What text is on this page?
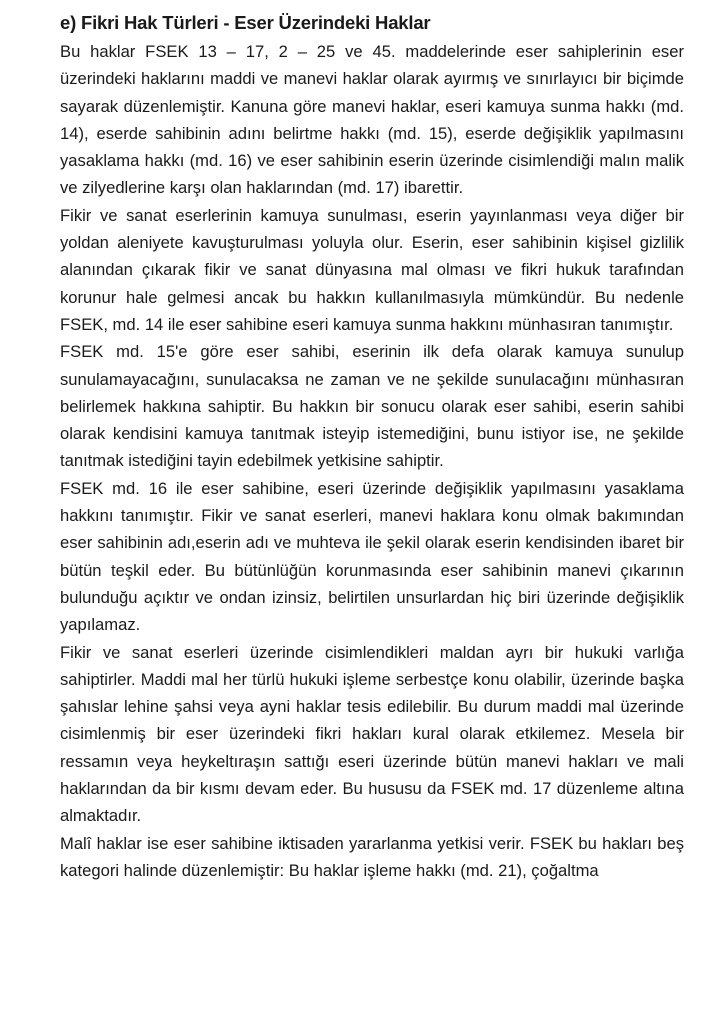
e) Fikri Hak Türleri - Eser Üzerindeki Haklar

Bu haklar FSEK 13 – 17, 2 – 25 ve 45. maddelerinde eser sahiplerinin eser üzerindeki haklarını maddi ve manevi haklar olarak ayırmış ve sınırlayıcı bir biçimde sayarak düzenlemiştir. Kanuna göre manevi haklar, eseri kamuya sunma hakkı (md. 14), eserde sahibinin adını belirtme hakkı (md. 15), eserde değişiklik yapılmasını yasaklama hakkı (md. 16) ve eser sahibinin eserin üzerinde cisimlendiği malın malik ve zilyedlerine karşı olan haklarından (md. 17) ibarettir.

Fikir ve sanat eserlerinin kamuya sunulması, eserin yayınlanması veya diğer bir yoldan aleniyete kavuşturulması yoluyla olur. Eserin, eser sahibinin kişisel gizlilik alanından çıkarak fikir ve sanat dünyasına mal olması ve fikri hukuk tarafından korunur hale gelmesi ancak bu hakkın kullanılmasıyla mümkündür. Bu nedenle FSEK, md. 14 ile eser sahibine eseri kamuya sunma hakkını münhasıran tanımıştır.

FSEK md. 15'e göre eser sahibi, eserinin ilk defa olarak kamuya sunulup sunulamayacağını, sunulacaksa ne zaman ve ne şekilde sunulacağını münhasıran belirlemek hakkına sahiptir. Bu hakkın bir sonucu olarak eser sahibi, eserin sahibi olarak kendisini kamuya tanıtmak isteyip istemediğini, bunu istiyor ise, ne şekilde tanıtmak istediğini tayin edebilmek yetkisine sahiptir.

FSEK md. 16 ile eser sahibine, eseri üzerinde değişiklik yapılmasını yasaklama hakkını tanımıştır. Fikir ve sanat eserleri, manevi haklara konu olmak bakımından eser sahibinin adı,eserin adı ve muhteva ile şekil olarak eserin kendisinden ibaret bir bütün teşkil eder. Bu bütünlüğün korunmasında eser sahibinin manevi çıkarının bulunduğu açıktır ve ondan izinsiz, belirtilen unsurlardan hiç biri üzerinde değişiklik yapılamaz.

Fikir ve sanat eserleri üzerinde cisimlendikleri maldan ayrı bir hukuki varlığa sahiptirler. Maddi mal her türlü hukuki işleme serbestçe konu olabilir, üzerinde başka şahıslar lehine şahsi veya ayni haklar tesis edilebilir. Bu durum maddi mal üzerinde cisimlenmiş bir eser üzerindeki fikri hakları kural olarak etkilemez. Mesela bir ressamın veya heykeltıraşın sattığı eseri üzerinde bütün manevi hakları ve mali haklarından da bir kısmı devam eder. Bu hususu da FSEK md. 17 düzenleme altına almaktadır.

Malî haklar ise eser sahibine iktisaden yararlanma yetkisi verir. FSEK bu hakları beş kategori halinde düzenlemiştir: Bu haklar işleme hakkı (md. 21), çoğaltma
